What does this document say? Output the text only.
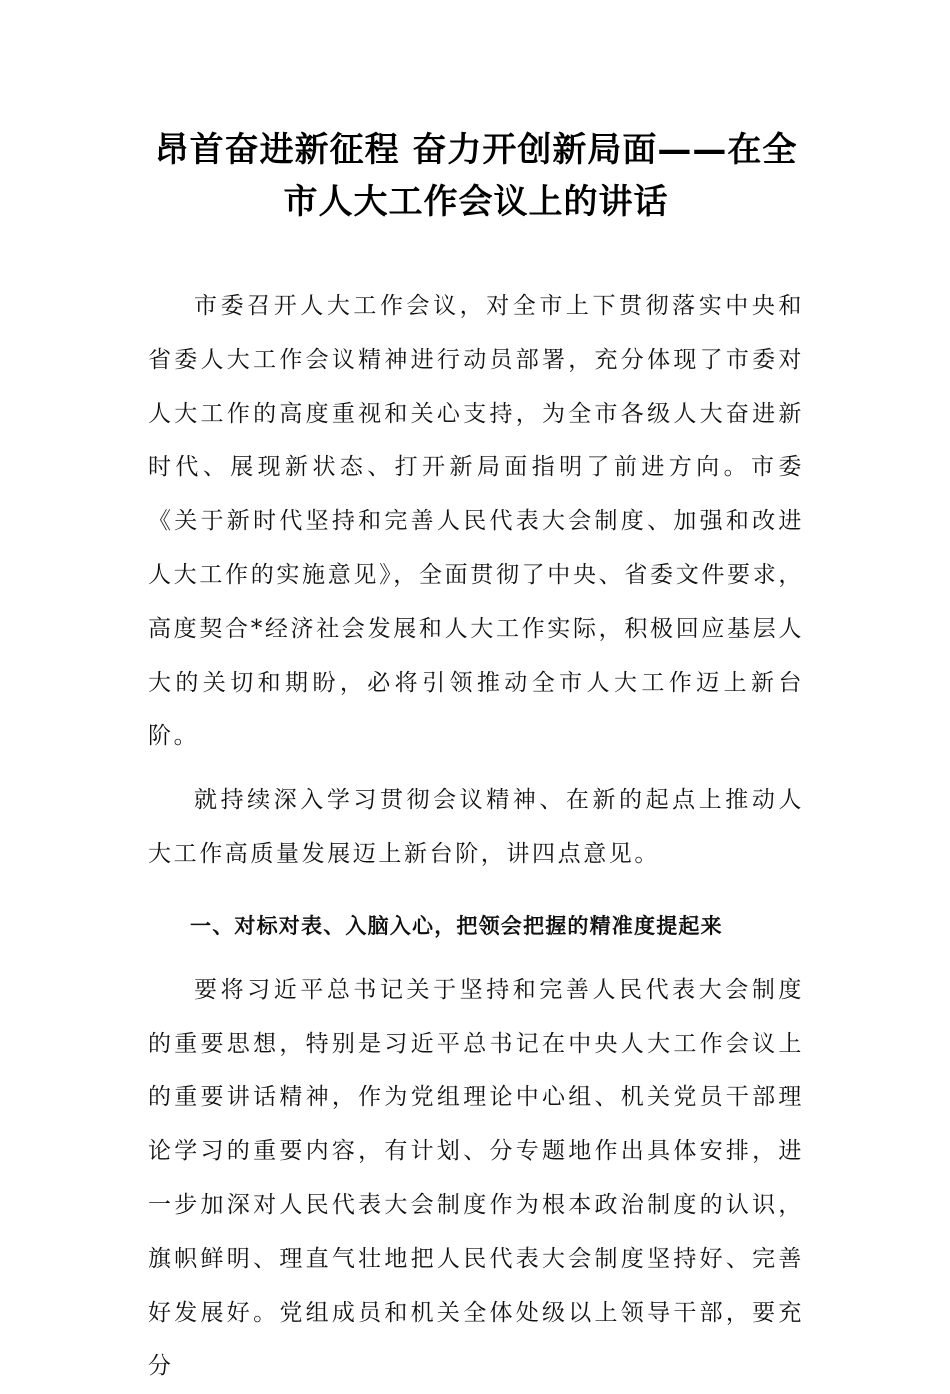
昂首奋进新征程 奋力开创新局面——在全市人大工作会议上的讲话

市委召开人大工作会议，对全市上下贯彻落实中央和省委人大工作会议精神进行动员部署，充分体现了市委对人大工作的高度重视和关心支持，为全市各级人大奋进新时代、展现新状态、打开新局面指明了前进方向。市委《关于新时代坚持和完善人民代表大会制度、加强和改进人大工作的实施意见》，全面贯彻了中央、省委文件要求，高度契合*经济社会发展和人大工作实际，积极回应基层人大的关切和期盼，必将引领推动全市人大工作迈上新台阶。

就持续深入学习贯彻会议精神、在新的起点上推动人大工作高质量发展迈上新台阶，讲四点意见。

一、对标对表、入脑入心，把领会把握的精准度提起来

要将习近平总书记关于坚持和完善人民代表大会制度的重要思想，特别是习近平总书记在中央人大工作会议上的重要讲话精神，作为党组理论中心组、机关党员干部理论学习的重要内容，有计划、分专题地作出具体安排，进一步加深对人民代表大会制度作为根本政治制度的认识，旗帜鲜明、理直气壮地把人民代表大会制度坚持好、完善好发展好。党组成员和机关全体处级以上领导干部，要充分
